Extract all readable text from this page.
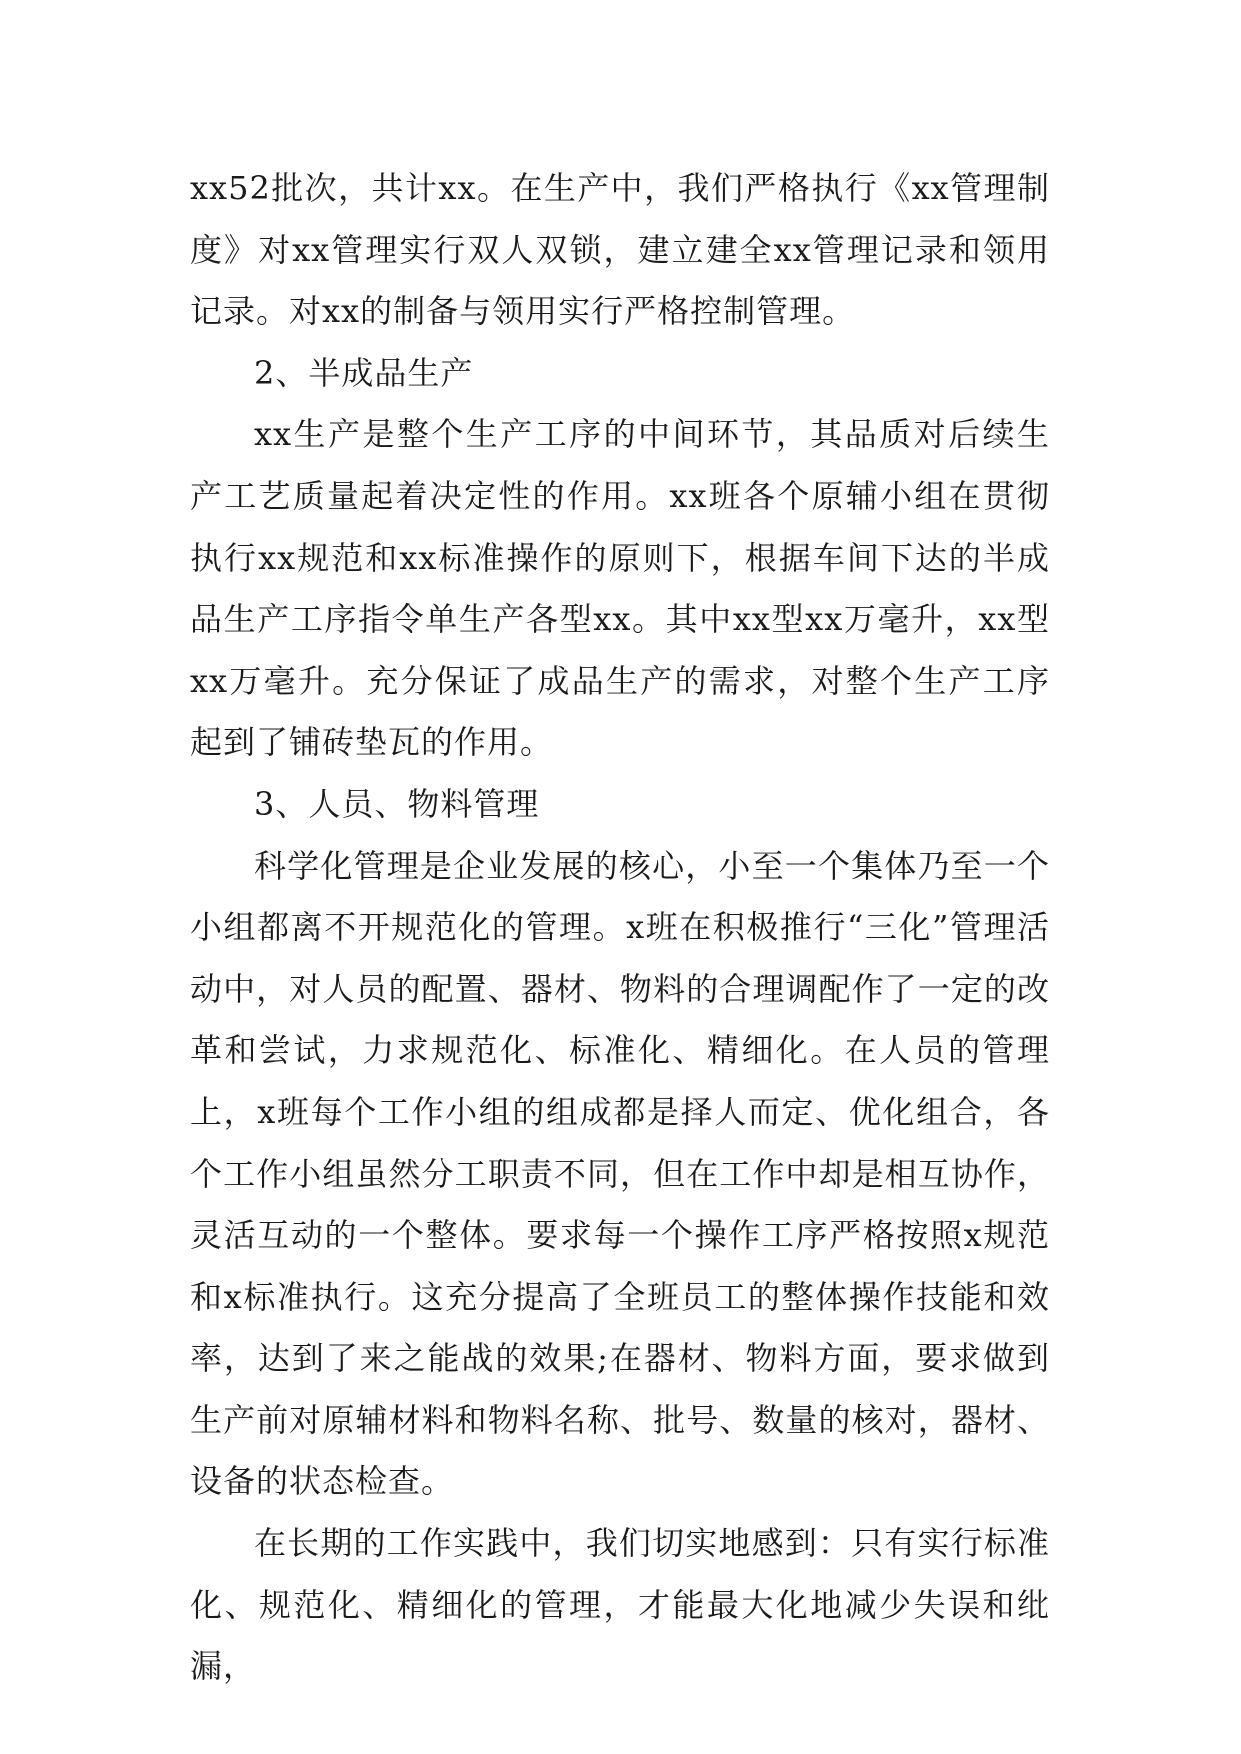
xx52批次，共计xx。在生产中，我们严格执行《xx管理制度》对xx管理实行双人双锁，建立建全xx管理记录和领用记录。对xx的制备与领用实行严格控制管理。

2、半成品生产

xx生产是整个生产工序的中间环节，其品质对后续生产工艺质量起着决定性的作用。xx班各个原辅小组在贯彻执行xx规范和xx标准操作的原则下，根据车间下达的半成品生产工序指令单生产各型xx。其中xx型xx万毫升，xx型xx万毫升。充分保证了成品生产的需求，对整个生产工序起到了铺砖垫瓦的作用。

3、人员、物料管理

科学化管理是企业发展的核心，小至一个集体乃至一个小组都离不开规范化的管理。x班在积极推行“三化”管理活动中，对人员的配置、器材、物料的合理调配作了一定的改革和尝试，力求规范化、标准化、精细化。在人员的管理上，x班每个工作小组的组成都是择人而定、优化组合，各个工作小组虽然分工职责不同，但在工作中却是相互协作，灵活互动的一个整体。要求每一个操作工序严格按照x规范和x标准执行。这充分提高了全班员工的整体操作技能和效率，达到了来之能战的效果;在器材、物料方面，要求做到生产前对原辅材料和物料名称、批号、数量的核对，器材、设备的状态检查。

在长期的工作实践中，我们切实地感到：只有实行标准化、规范化、精细化的管理，才能最大化地减少失误和纰漏，
